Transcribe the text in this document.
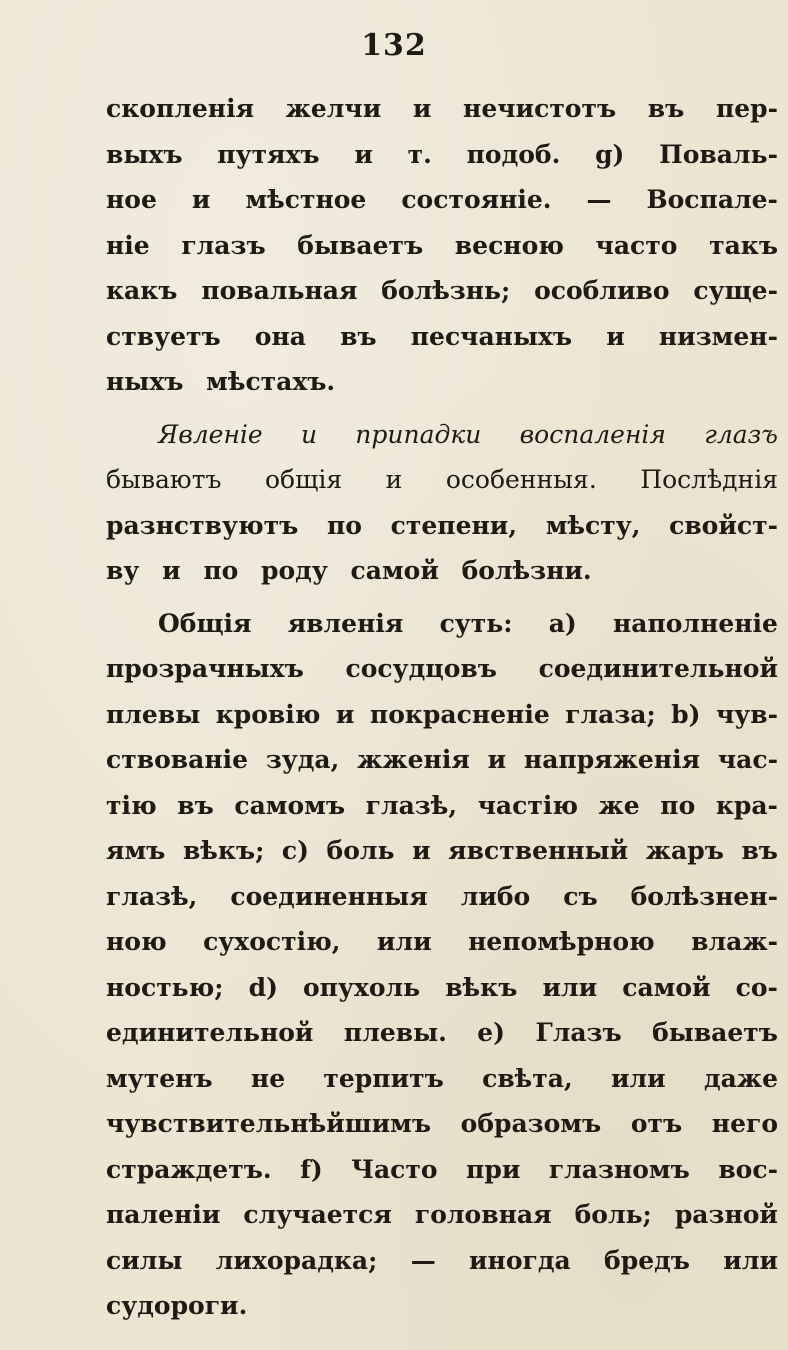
132
скопленія желчи и нечистотъ въ пер-
выхъ путяхъ и т. подоб. g) Поваль-
ное и мѣстное состояніе. — Воспале-
ніе глазъ бываетъ весною часто такъ
какъ повальная болѣзнь; особливо суще-
ствуетъ она въ песчаныхъ и низмен-
ныхъ мѣстахъ.
Явленіе и припадки воспаленія глазъ
бываютъ общія и особенныя. Послѣднія
разнствуютъ по степени, мѣсту, свойст-
ву и по роду самой болѣзни.
Общія явленія суть: a) наполненіе
прозрачныхъ сосудцовъ соединительной
плевы кровію и покрасненіе глаза; b) чув-
ствованіе зуда, жженія и напряженія час-
тію въ самомъ глазѣ, частію же по кра-
ямъ вѣкъ; c) боль и явственный жаръ въ
глазѣ, соединенныя либо съ болѣзнен-
ною сухостію, или непомѣрною влаж-
ностью; d) опухоль вѣкъ или самой со-
единительной плевы. e) Глазъ бываетъ
мутенъ не терпитъ свѣта, или даже
чувствительнѣйшимъ образомъ отъ него
страждетъ. f) Часто при глазномъ вос-
паленіи случается головная боль; разной
силы лихорадка; — иногда бредъ или
судороги.
